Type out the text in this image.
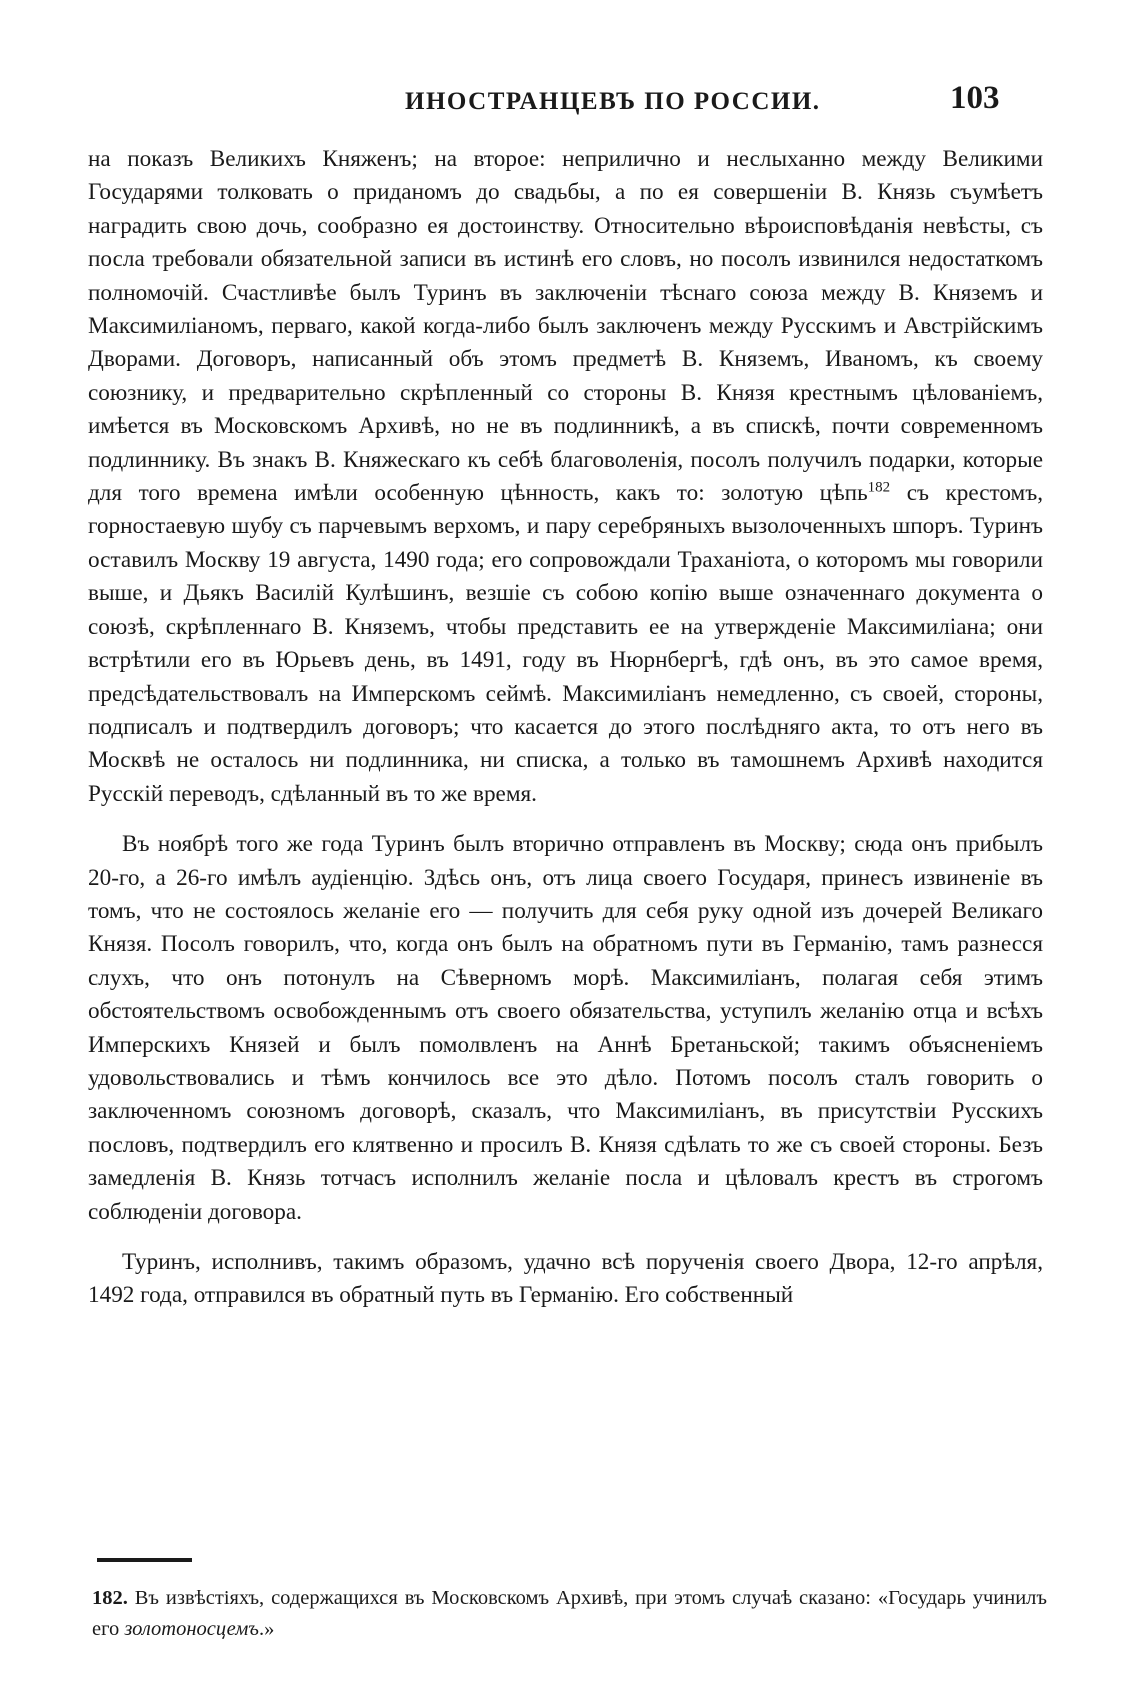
ИНОСТРАНЦЕВЪ ПО РОССИИ.	103

на показъ Великихъ Княженъ; на второе: неприлично и неслыханно между Великими Государями толковать о приданомъ до свадьбы, а по ея совершеніи В. Князь съумѣетъ наградить свою дочь, сообразно ея достоинству. Относительно вѣроисповѣданія невѣсты, съ посла требовали обязательной записи въ истинѣ его словъ, но посолъ извинился недостаткомъ полномочій. Счастливѣе былъ Туринъ въ заключеніи тѣснаго союза между В. Княземъ и Максимиліаномъ, перваго, какой когда-либо былъ заключенъ между Русскимъ и Австрійскимъ Дворами. Договоръ, написанный объ этомъ предметѣ В. Княземъ, Иваномъ, къ своему союзнику, и предварительно скрѣпленный со стороны В. Князя крестнымъ цѣлованіемъ, имѣется въ Московскомъ Архивѣ, но не въ подлинникѣ, а въ спискѣ, почти современномъ подлиннику. Въ знакъ В. Княжескаго къ себѣ благоволенія, посолъ получилъ подарки, которые для того времена имѣли особенную цѣнность, какъ то: золотую цѣпь$^{182}$ съ крестомъ, горностаевую шубу съ парчевымъ верхомъ, и пару серебряныхъ вызолоченныхъ шпоръ. Туринъ оставилъ Москву 19 августа, 1490 года; его сопровождали Траханіота, о которомъ мы говорили выше, и Дьякъ Василій Кулѣшинъ, везшіе съ собою копію выше означеннаго документа о союзѣ, скрѣпленнаго В. Княземъ, чтобы представить ее на утвержденіе Максимиліана; они встрѣтили его въ Юрьевъ день, въ 1491, году въ Нюрнбергѣ, гдѣ онъ, въ это самое время, предсѣдательствовалъ на Имперскомъ сеймѣ. Максимиліанъ немедленно, съ своей, стороны, подписалъ и подтвердилъ договоръ; что касается до этого послѣдняго акта, то отъ него въ Москвѣ не осталось ни подлинника, ни списка, а только въ тамошнемъ Архивѣ находится Русскій переводъ, сдѣланный въ то же время.

Въ ноябрѣ того же года Туринъ былъ вторично отправленъ въ Москву; сюда онъ прибылъ 20-го, а 26-го имѣлъ аудіенцію. Здѣсь онъ, отъ лица своего Государя, принесъ извиненіе въ томъ, что не состоялось желаніе его — получить для себя руку одной изъ дочерей Великаго Князя. Посолъ говорилъ, что, когда онъ былъ на обратномъ пути въ Германію, тамъ разнесся слухъ, что онъ потонулъ на Сѣверномъ морѣ. Максимиліанъ, полагая себя этимъ обстоятельствомъ освобожденнымъ отъ своего обязательства, уступилъ желанію отца и всѣхъ Имперскихъ Князей и былъ помолвленъ на Аннѣ Бретаньской; такимъ объясненіемъ удовольствовались и тѣмъ кончилось все это дѣло. Потомъ посолъ сталъ говорить о заключенномъ союзномъ договорѣ, сказалъ, что Максимиліанъ, въ присутствіи Русскихъ пословъ, подтвердилъ его клятвенно и просилъ В. Князя сдѣлать то же съ своей стороны. Безъ замедленія В. Князь тотчасъ исполнилъ желаніе посла и цѣловалъ крестъ въ строгомъ соблюденіи договора.

Туринъ, исполнивъ, такимъ образомъ, удачно всѣ порученія своего Двора, 12-го апрѣля, 1492 года, отправился въ обратный путь въ Германію. Его собственный

182. Въ извѣстіяхъ, содержащихся въ Московскомъ Архивѣ, при этомъ случаѣ сказано: «Государь учинилъ его золотоносцемъ.»
